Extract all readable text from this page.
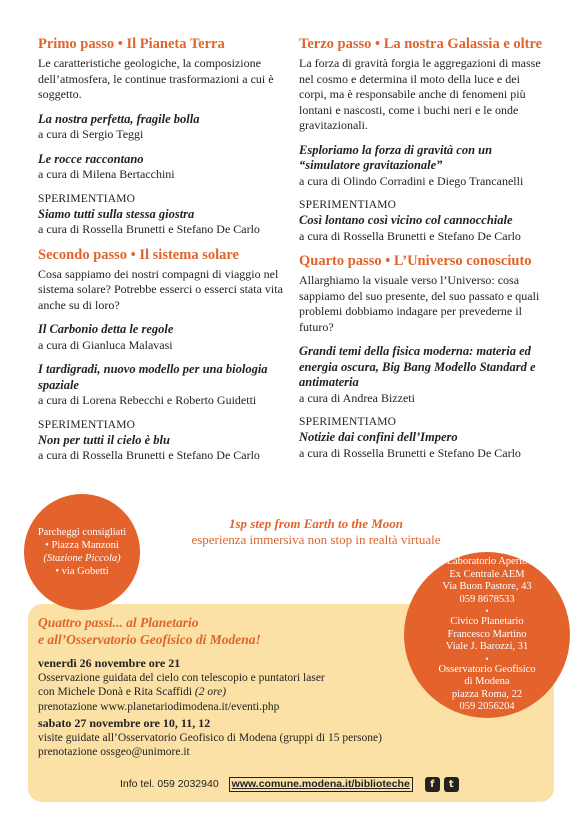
Primo passo • Il Pianeta Terra

Le caratteristiche geologiche, la composizione dell’atmosfera, le continue trasformazioni a cui è soggetto.

La nostra perfetta, fragile bolla

a cura di Sergio Teggi

Le rocce raccontano

a cura di Milena Bertacchini

SPERIMENTIAMO

Siamo tutti sulla stessa giostra

a cura di Rossella Brunetti e Stefano De Carlo

Secondo passo • Il sistema solare

Cosa sappiamo dei nostri compagni di viaggio nel sistema solare? Potrebbe esserci o esserci stata vita anche su di loro?

Il Carbonio detta le regole

a cura di Gianluca Malavasi

I tardigradi, nuovo modello per una biologia spaziale

a cura di Lorena Rebecchi e Roberto Guidetti

SPERIMENTIAMO

Non per tutti il cielo è blu

a cura di Rossella Brunetti e Stefano De Carlo

Terzo passo • La nostra Galassia e oltre

La forza di gravità forgia le aggregazioni di masse nel cosmo e determina il moto della luce e dei corpi, ma è responsabile anche di fenomeni più lontani e nascosti, come i buchi neri e le onde gravitazionali.

Esploriamo la forza di gravità con un “simulatore gravitazionale”

a cura di Olindo Corradini e Diego Trancanelli

SPERIMENTIAMO

Così lontano così vicino col cannocchiale

a cura di Rossella Brunetti e Stefano De Carlo

Quarto passo • L’Universo conosciuto

Allarghiamo la visuale verso l’Universo: cosa sappiamo del suo presente, del suo passato e quali problemi dobbiamo indagare per prevederne il futuro?

Grandi temi della fisica moderna: materia ed energia oscura, Big Bang Modello Standard e antimateria

a cura di Andrea Bizzeti

SPERIMENTIAMO

Notizie dai confini dell’Impero

a cura di Rossella Brunetti e Stefano De Carlo

Quattro passi... al Planetario
e all’Osservatorio Geofisico di Modena!
venerdì 26 novembre ore 21
Osservazione guidata del cielo con telescopio e puntatori laser
con Michele Donà e Rita Scaffidi (2 ore)
prenotazione www.planetariodimodena.it/eventi.php
sabato 27 novembre ore 10, 11, 12
visite guidate all’Osservatorio Geofisico di Modena (gruppi di 15 persone)
prenotazione ossgeo@unimore.it
Parcheggi consigliati
• Piazza Manzoni
(Stazione Piccola)
• via Gobetti
1sp step from Earth to the Moon
esperienza immersiva non stop in realtà virtuale
Laboratorio Aperto
Ex Centrale AEM
Via Buon Pastore, 43
059 8678533
•
Civico Planetario
Francesco Martino
Viale J. Barozzi, 31
•
Osservatorio Geofisico
di Modena
piazza Roma, 22
059 2056204
Info tel. 059 2032940 www.comune.modena.it/biblioteche	f	t
